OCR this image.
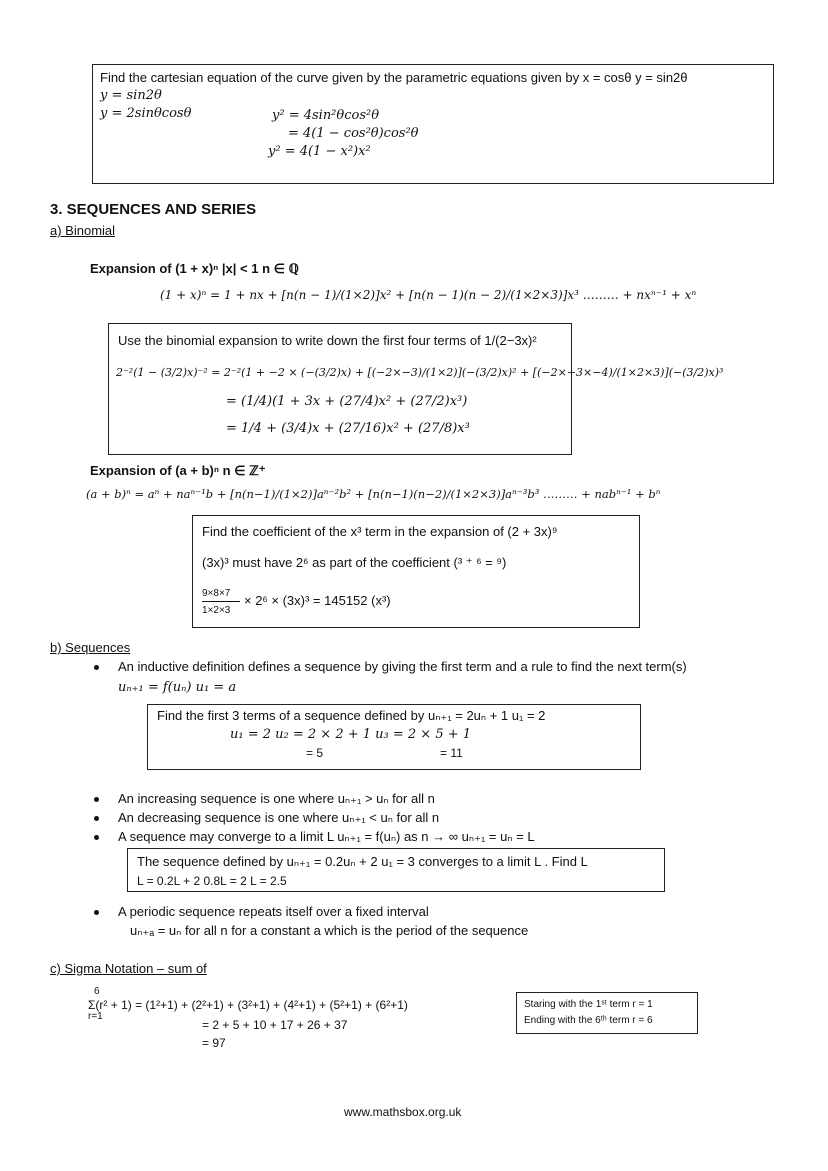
Find the cartesian equation of the curve given by the parametric equations given by x = cosθ y = sin2θ
y = sin2θ
y = 2sinθcosθ	y² = 4sin²θcos²θ
= 4(1 − cos²θ)cos²θ
y² = 4(1 − x²)x²
3. SEQUENCES AND SERIES
a) Binomial
Expansion of (1 + x)ⁿ |x| < 1 n ∈ ℚ
(1 + x)ⁿ = 1 + nx + [n(n − 1)/(1×2)]x² + [n(n − 1)(n − 2)/(1×2×3)]x³ ……… + nxⁿ⁻¹ + xⁿ
Use the binomial expansion to write down the first four terms of 1/(2−3x)²
2⁻²(1 − (3/2)x)⁻² = 2⁻²(1 + −2 × (−(3/2)x) + [(−2×−3)/(1×2)](−(3/2)x)² + [(−2×−3×−4)/(1×2×3)](−(3/2)x)³
= (1/4)(1 + 3x + (27/4)x² + (27/2)x³)
= 1/4 + (3/4)x + (27/16)x² + (27/8)x³
Expansion of (a + b)ⁿ n ∈ ℤ⁺
(a + b)ⁿ = aⁿ + naⁿ⁻¹b + [n(n−1)/(1×2)]aⁿ⁻²b² + [n(n−1)(n−2)/(1×2×3)]aⁿ⁻³b³ ……… + nabⁿ⁻¹ + bⁿ
Find the coefficient of the x³ term in the expansion of (2 + 3x)⁹
(3x)³ must have 2⁶ as part of the coefficient (³ ⁺ ⁶ = ⁹)
9×8×7
1×2×3
× 2⁶ × (3x)³ = 145152 (x³)
b) Sequences
An inductive definition defines a sequence by giving the first term and a rule to find the next term(s)
uₙ₊₁ = f(uₙ) u₁ = a
Find the first 3 terms of a sequence defined by uₙ₊₁ = 2uₙ + 1 u₁ = 2
u₁ = 2 u₂ = 2 × 2 + 1 u₃ = 2 × 5 + 1
= 5	= 11
An increasing sequence is one where uₙ₊₁ > uₙ for all n
An decreasing sequence is one where uₙ₊₁ < uₙ for all n
A sequence may converge to a limit L uₙ₊₁ = f(uₙ) as n → ∞ uₙ₊₁ = uₙ = L
The sequence defined by uₙ₊₁ = 0.2uₙ + 2 u₁ = 3 converges to a limit L . Find L
L = 0.2L + 2 0.8L = 2 L = 2.5
A periodic sequence repeats itself over a fixed interval
uₙ₊ₐ = uₙ for all n for a constant a which is the period of the sequence
c) Sigma Notation – sum of
6
Σ(r² + 1) = (1²+1) + (2²+1) + (3²+1) + (4²+1) + (5²+1) + (6²+1)
r=1
= 2 + 5 + 10 + 17 + 26 + 37
= 97
Staring with the 1ˢᵗ term r = 1
Ending with the 6ᵗʰ term r = 6
www.mathsbox.org.uk
